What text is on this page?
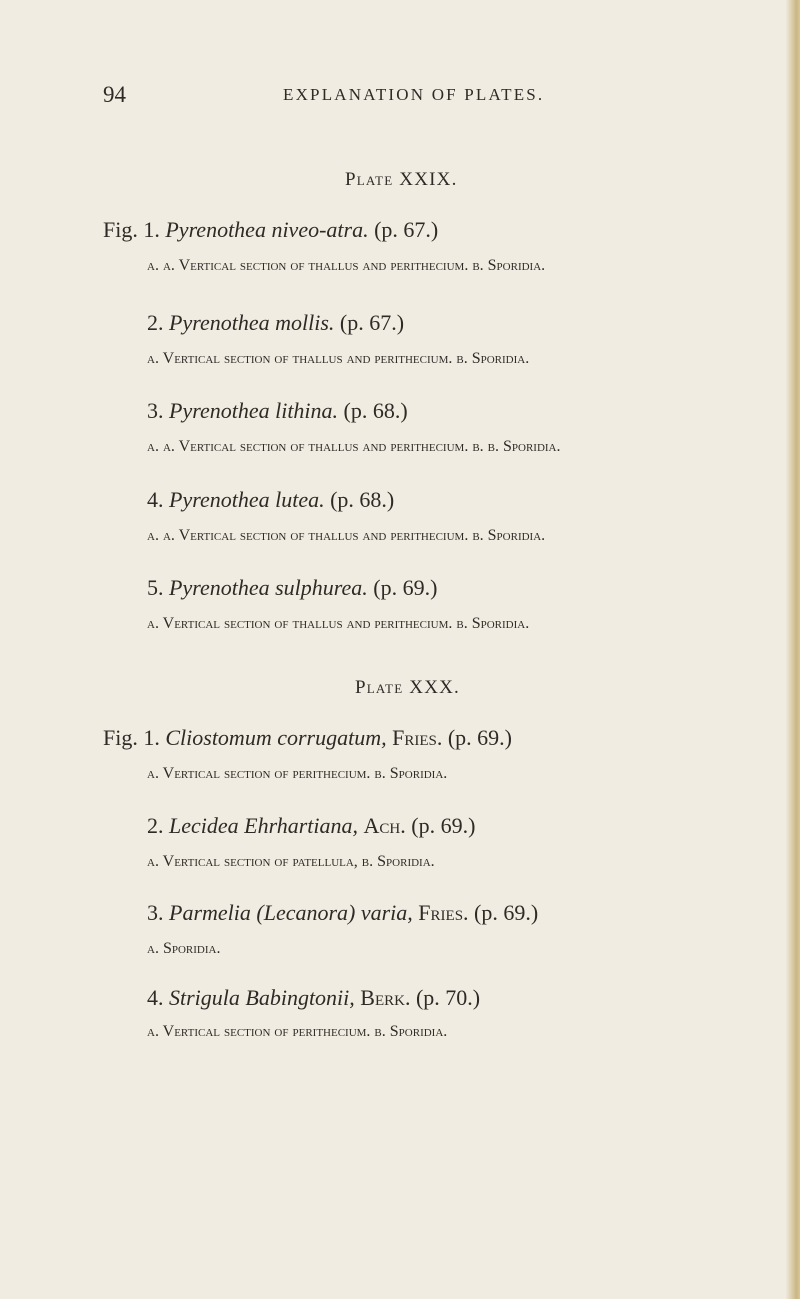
94	EXPLANATION OF PLATES.
Plate XXIX.
Fig. 1. Pyrenothea niveo-atra. (p. 67.)
a. a. Vertical section of thallus and perithecium. b. Sporidia.
2. Pyrenothea mollis. (p. 67.)
a. Vertical section of thallus and perithecium. b. Sporidia.
3. Pyrenothea lithina. (p. 68.)
a. a. Vertical section of thallus and perithecium. b. b. Sporidia.
4. Pyrenothea lutea. (p. 68.)
a. a. Vertical section of thallus and perithecium. b. Sporidia.
5. Pyrenothea sulphurea. (p. 69.)
a. Vertical section of thallus and perithecium. b. Sporidia.
Plate XXX.
Fig. 1. Cliostomum corrugatum, Fries. (p. 69.)
a. Vertical section of perithecium. b. Sporidia.
2. Lecidea Ehrhartiana, Ach. (p. 69.)
a. Vertical section of patellula, b. Sporidia.
3. Parmelia (Lecanora) varia, Fries. (p. 69.)
a. Sporidia.
4. Strigula Babingtonii, Berk. (p. 70.)
a. Vertical section of perithecium. b. Sporidia.
